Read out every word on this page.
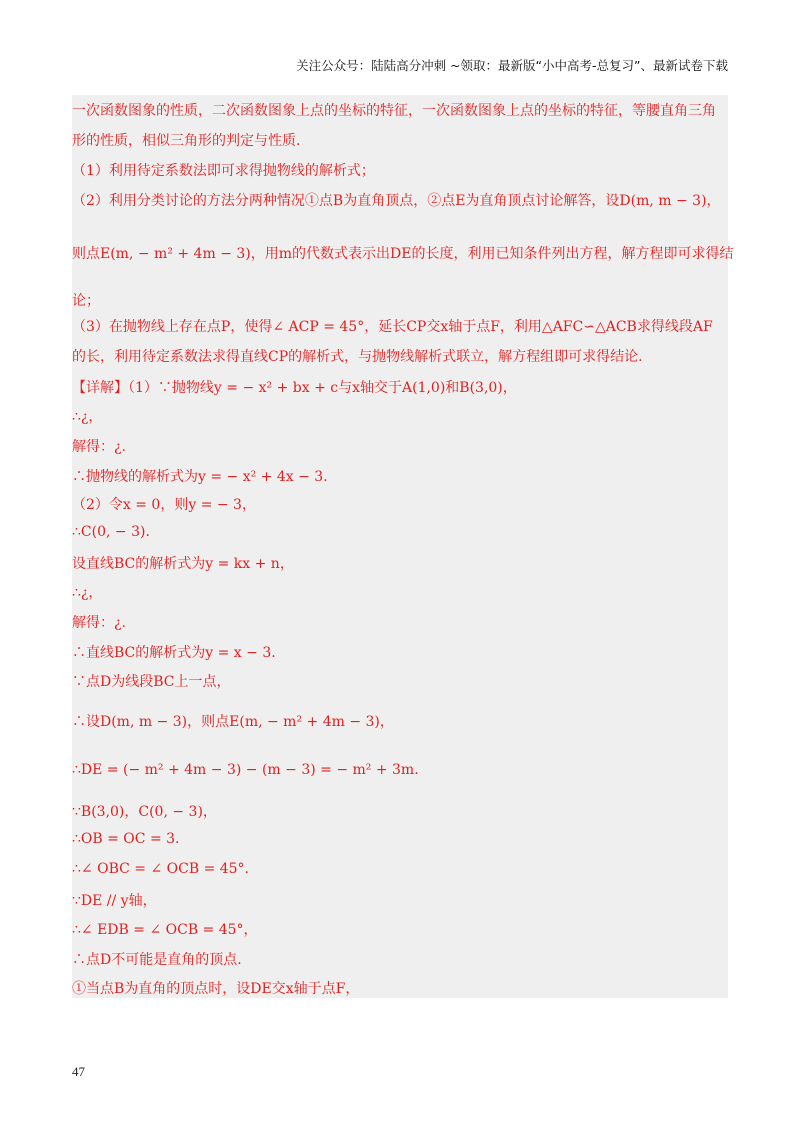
关注公众号：陆陆高分冲刺 ~领取：最新版“小中高考-总复习”、最新试卷下载
一次函数图象的性质，二次函数图象上点的坐标的特征，一次函数图象上点的坐标的特征，等腰直角三角
形的性质，相似三角形的判定与性质.
（1）利用待定系数法即可求得抛物线的解析式；
（2）利用分类讨论的方法分两种情况①点B为直角顶点，②点E为直角顶点讨论解答，设D(m, m − 3)，
则点E(m, − m² + 4m − 3)，用m的代数式表示出DE的长度，利用已知条件列出方程，解方程即可求得结
论；
（3）在抛物线上存在点P，使得∠ ACP = 45°，延长CP交x轴于点F，利用△AFC∽△ACB求得线段AF
的长，利用待定系数法求得直线CP的解析式，与抛物线解析式联立，解方程组即可求得结论.
【详解】（1）∵抛物线y = − x² + bx + c与x轴交于A(1,0)和B(3,0)，
∴¿，
解得：¿.
∴抛物线的解析式为y = − x² + 4x − 3.
（2）令x = 0，则y = − 3，
∴C(0, − 3).
设直线BC的解析式为y = kx + n，
∴¿，
解得：¿.
∴直线BC的解析式为y = x − 3.
∵点D为线段BC上一点，
∴设D(m, m − 3)，则点E(m, − m² + 4m − 3)，
∴DE = (− m² + 4m − 3) − (m − 3) = − m² + 3m.
∵B(3,0)，C(0, − 3)，
∴OB = OC = 3.
∴∠ OBC = ∠ OCB = 45°.
∵DE // y轴，
∴∠ EDB = ∠ OCB = 45°，
∴点D不可能是直角的顶点.
①当点B为直角的顶点时，设DE交x轴于点F，
47
